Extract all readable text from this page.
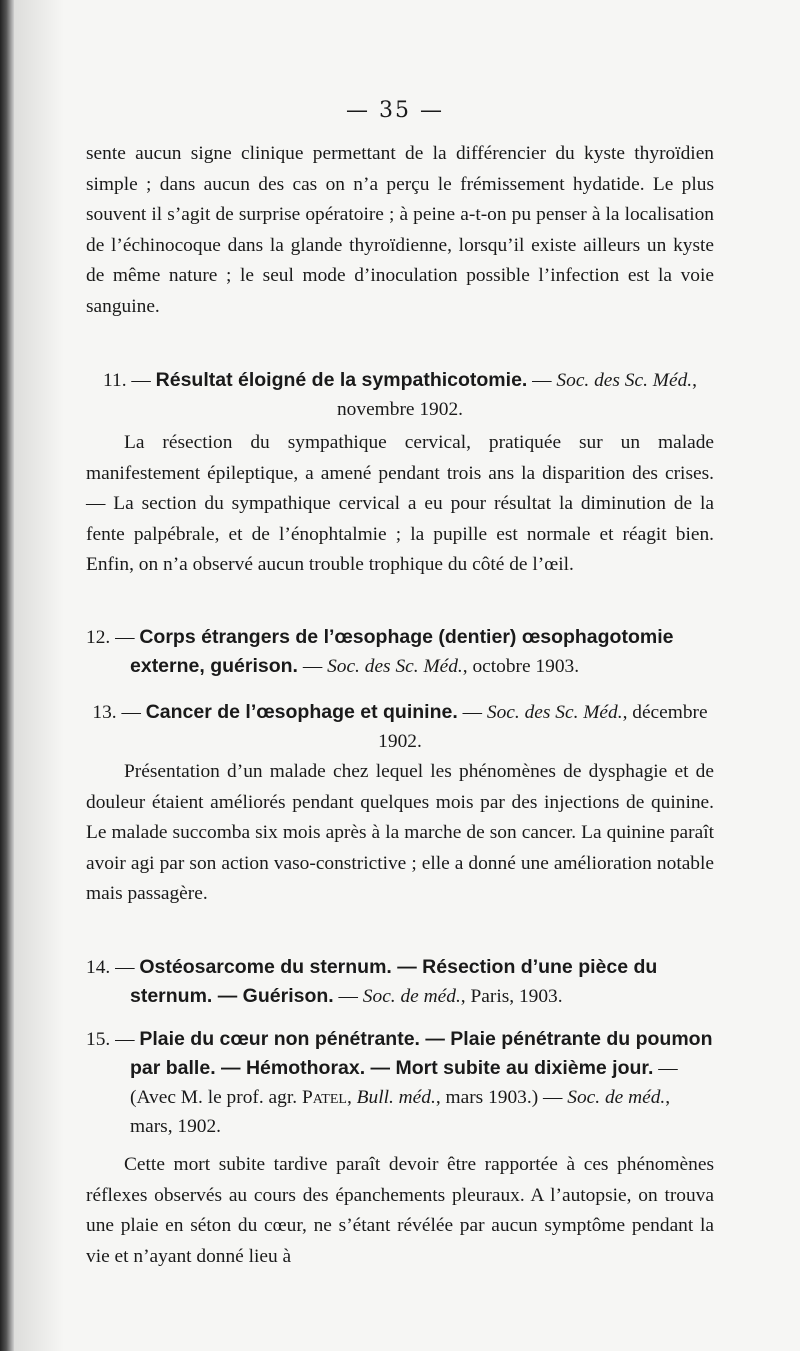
— 35 —

sente aucun signe clinique permettant de la différencier du kyste thyroïdien simple ; dans aucun des cas on n’a perçu le frémissement hydatide. Le plus souvent il s’agit de surprise opératoire ; à peine a-t-on pu penser à la localisation de l’échinocoque dans la glande thyroïdienne, lorsqu’il existe ailleurs un kyste de même nature ; le seul mode d’inoculation possible l’infection est la voie sanguine.

11. — Résultat éloigné de la sympathicotomie. — Soc. des Sc. Méd., novembre 1902.

La résection du sympathique cervical, pratiquée sur un malade manifestement épileptique, a amené pendant trois ans la disparition des crises. — La section du sympathique cervical a eu pour résultat la diminution de la fente palpébrale, et de l’énophtalmie ; la pupille est normale et réagit bien. Enfin, on n’a observé aucun trouble trophique du côté de l’œil.

12. — Corps étrangers de l’œsophage (dentier) œsophagotomie externe, guérison. — Soc. des Sc. Méd., octobre 1903.

13. — Cancer de l’œsophage et quinine. — Soc. des Sc. Méd., décembre 1902.

Présentation d’un malade chez lequel les phénomènes de dysphagie et de douleur étaient améliorés pendant quelques mois par des injections de quinine. Le malade succomba six mois après à la marche de son cancer. La quinine paraît avoir agi par son action vaso-constrictive ; elle a donné une amélioration notable mais passagère.

14. — Ostéosarcome du sternum. — Résection d’une pièce du sternum. — Guérison. — Soc. de méd., Paris, 1903.

15. — Plaie du cœur non pénétrante. — Plaie pénétrante du poumon par balle. — Hémothorax. — Mort subite au dixième jour. — (Avec M. le prof. agr. Patel, Bull. méd., mars 1903.) — Soc. de méd., mars, 1902.

Cette mort subite tardive paraît devoir être rapportée à ces phénomènes réflexes observés au cours des épanchements pleuraux. A l’autopsie, on trouva une plaie en séton du cœur, ne s’étant révélée par aucun symptôme pendant la vie et n’ayant donné lieu à
